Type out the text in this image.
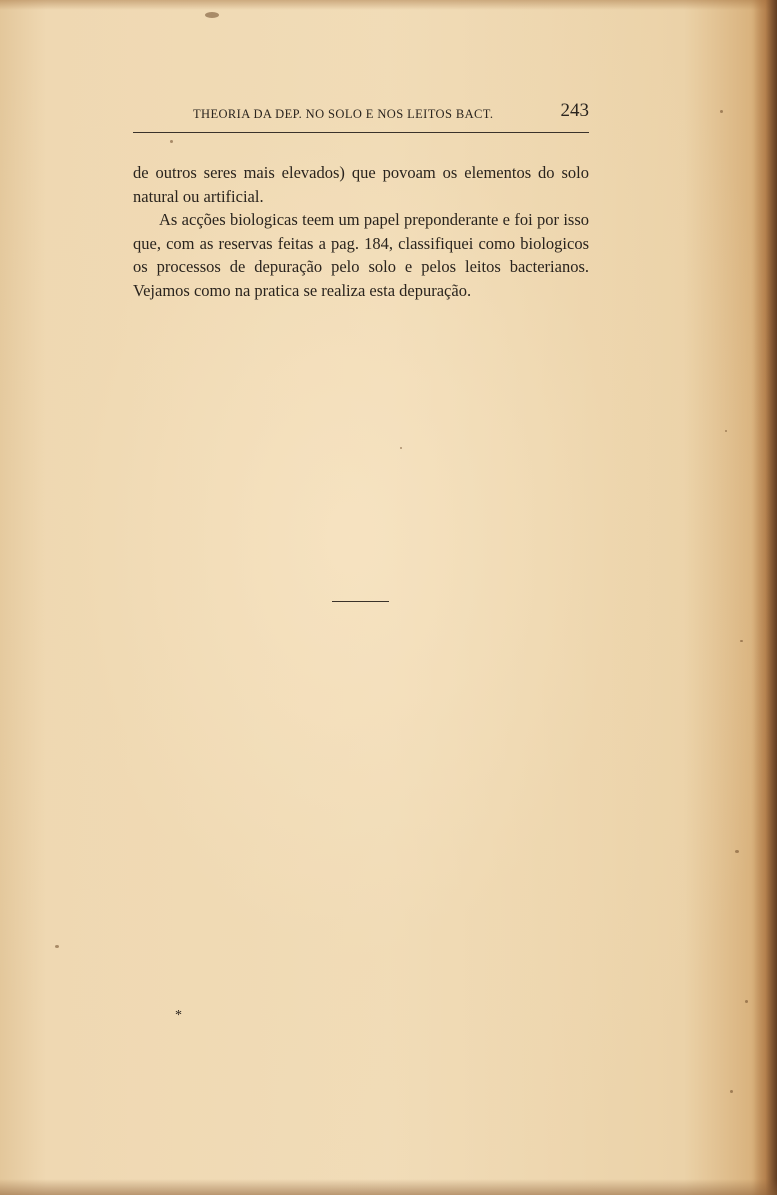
THEORIA DA DEP. NO SOLO E NOS LEITOS BACT.	243

de outros seres mais elevados) que povoam os elementos do solo natural ou artificial.

As acções biologicas teem um papel preponderante e foi por isso que, com as reservas feitas a pag. 184, classifiquei como biologicos os processos de depuração pelo solo e pelos leitos bacterianos. Vejamos como na pratica se realiza esta depuração.

*
